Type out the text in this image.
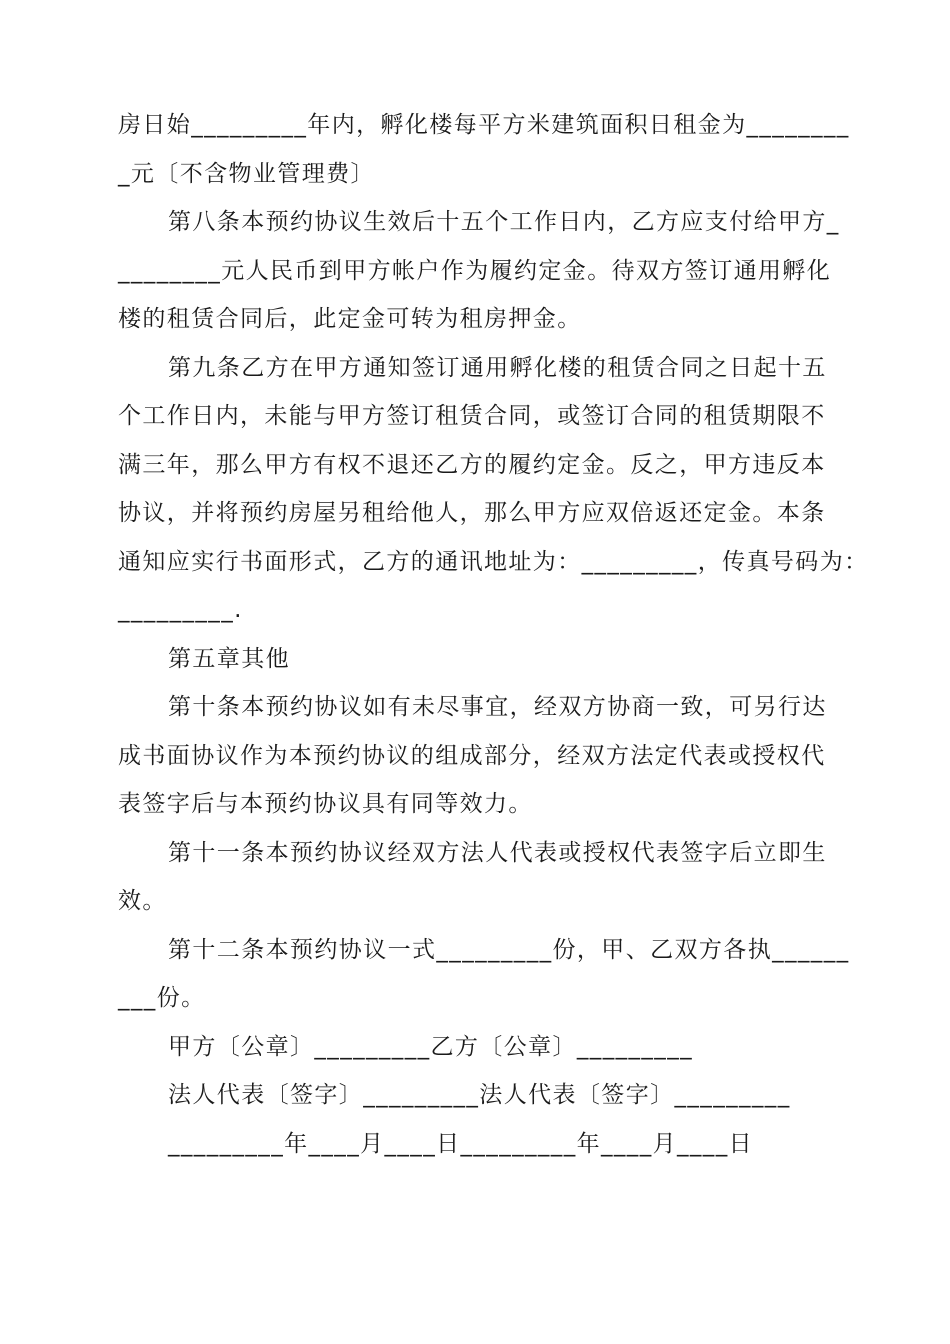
房日始_________年内，孵化楼每平方米建筑面积日租金为________
_元〔不含物业管理费〕
第八条本预约协议生效后十五个工作日内，乙方应支付给甲方_
________元人民币到甲方帐户作为履约定金。待双方签订通用孵化
楼的租赁合同后，此定金可转为租房押金。
第九条乙方在甲方通知签订通用孵化楼的租赁合同之日起十五
个工作日内，未能与甲方签订租赁合同，或签订合同的租赁期限不
满三年，那么甲方有权不退还乙方的履约定金。反之，甲方违反本
协议，并将预约房屋另租给他人，那么甲方应双倍返还定金。本条
通知应实行书面形式，乙方的通讯地址为：_________，传真号码为：
_________.
第五章其他
第十条本预约协议如有未尽事宜，经双方协商一致，可另行达
成书面协议作为本预约协议的组成部分，经双方法定代表或授权代
表签字后与本预约协议具有同等效力。
第十一条本预约协议经双方法人代表或授权代表签字后立即生
效。
第十二条本预约协议一式_________份，甲、乙双方各执______
___份。
甲方〔公章〕_________乙方〔公章〕_________
法人代表〔签字〕_________法人代表〔签字〕_________
_________年____月____日_________年____月____日
